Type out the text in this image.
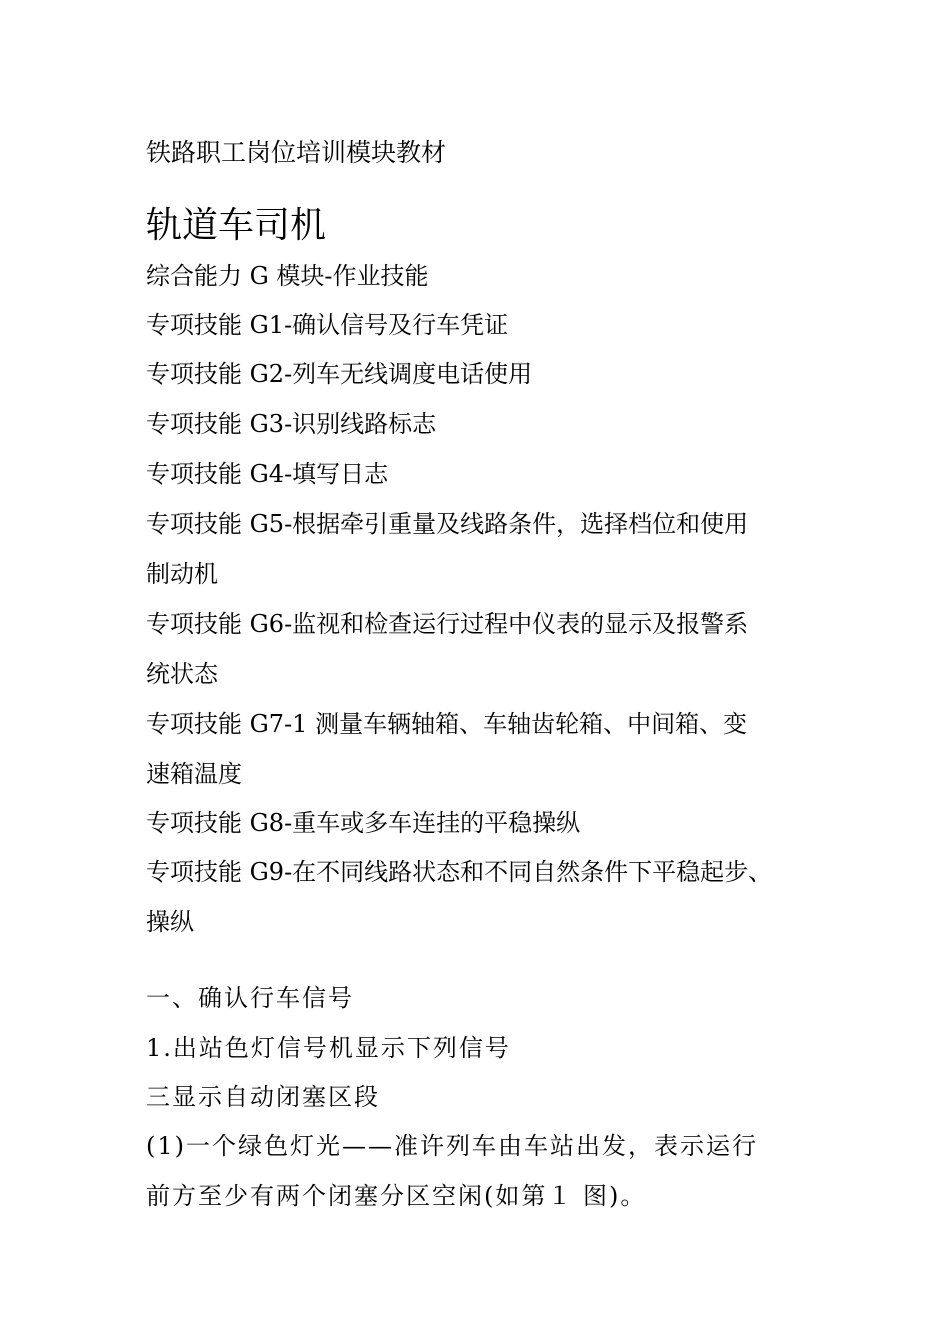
铁路职工岗位培训模块教材
轨道车司机
综合能力 G 模块-作业技能
专项技能 G1-确认信号及行车凭证
专项技能 G2-列车无线调度电话使用
专项技能 G3-识别线路标志
专项技能 G4-填写日志
专项技能 G5-根据牵引重量及线路条件，选择档位和使用
制动机
专项技能 G6-监视和检查运行过程中仪表的显示及报警系
统状态
专项技能 G7-1 测量车辆轴箱、车轴齿轮箱、中间箱、变
速箱温度
专项技能 G8-重车或多车连挂的平稳操纵
专项技能 G9-在不同线路状态和不同自然条件下平稳起步、
操纵
一、确认行车信号
1.出站色灯信号机显示下列信号
三显示自动闭塞区段
(1)一个绿色灯光——准许列车由车站出发，表示运行
前方至少有两个闭塞分区空闲(如第１ 图)。
